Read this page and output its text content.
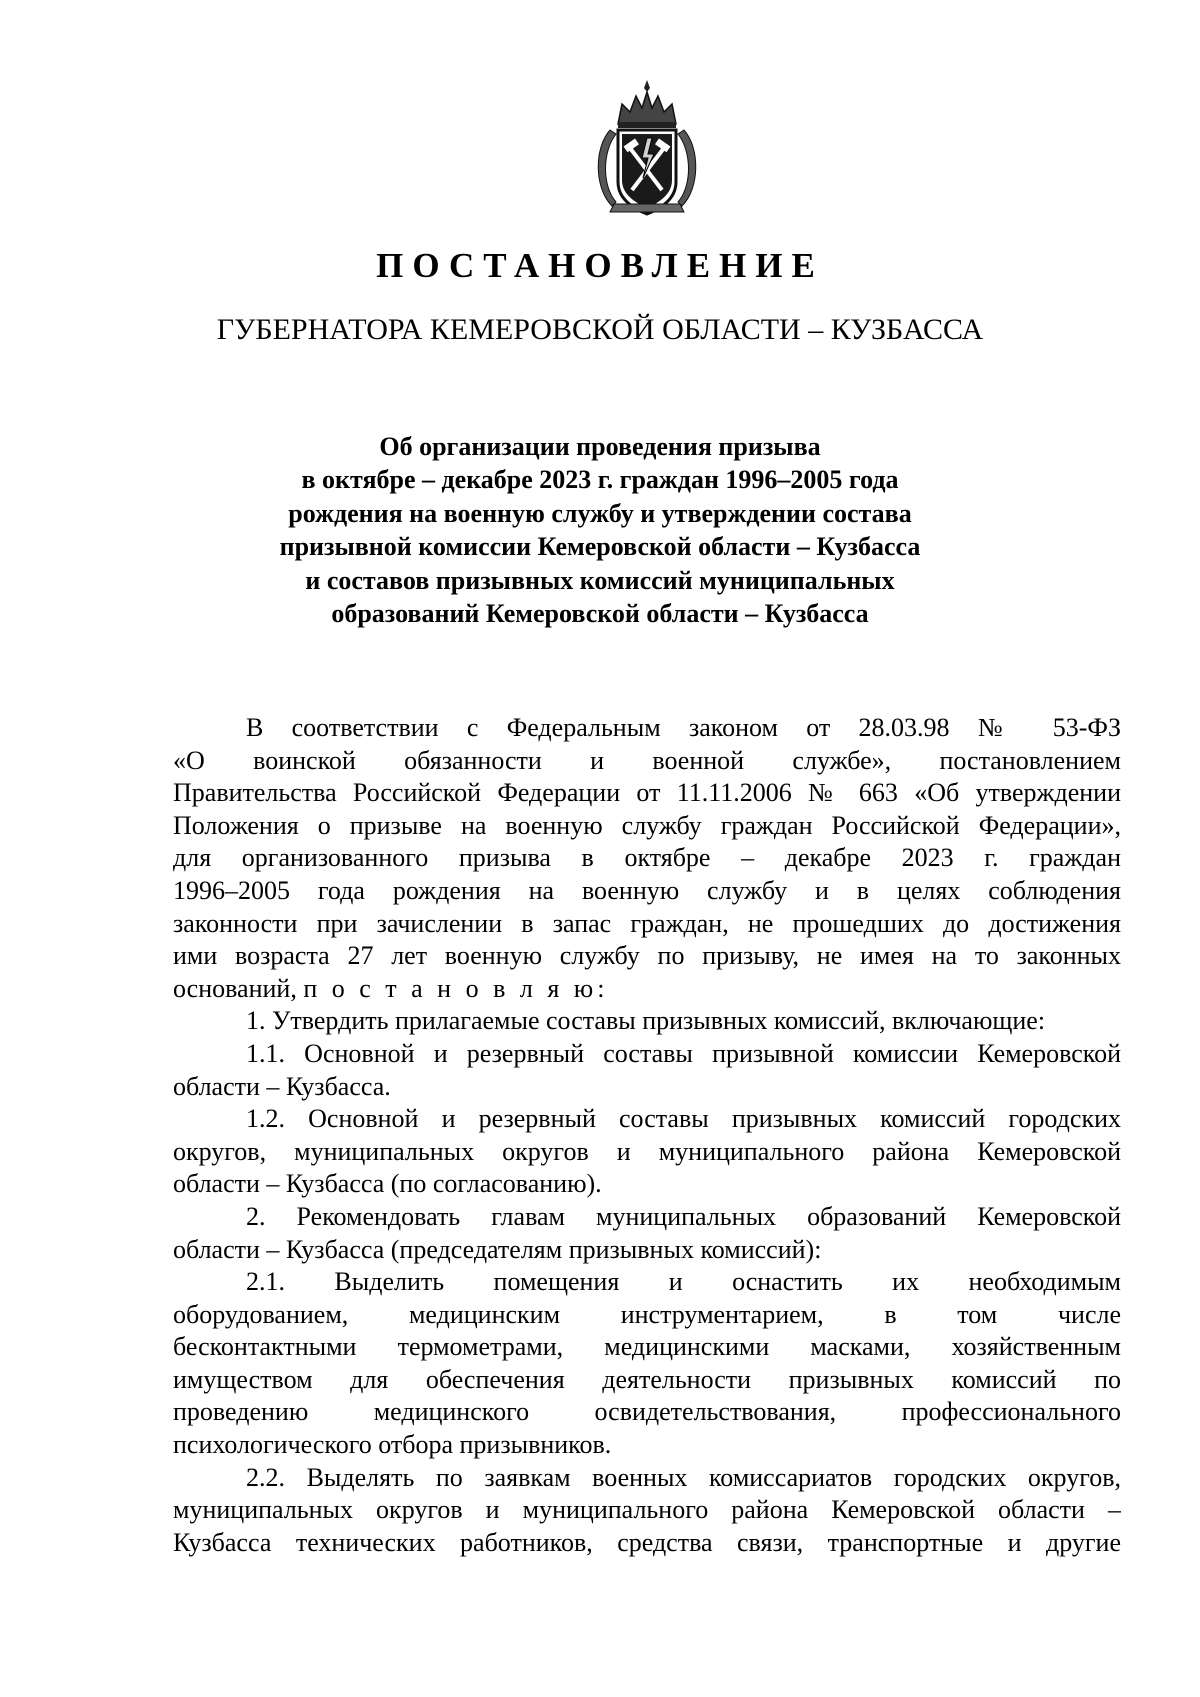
ПОСТАНОВЛЕНИЕ
ГУБЕРНАТОРА КЕМЕРОВСКОЙ ОБЛАСТИ – КУЗБАССА
Об организации проведения призыва
в октябре – декабре 2023 г. граждан 1996–2005 года
рождения на военную службу и утверждении состава
призывной комиссии Кемеровской области – Кузбасса
и составов призывных комиссий муниципальных
образований Кемеровской области – Кузбасса
В соответствии с Федеральным законом от 28.03.98 № 53-ФЗ
«О воинской обязанности и военной службе», постановлением
Правительства Российской Федерации от 11.11.2006 № 663 «Об утверждении
Положения о призыве на военную службу граждан Российской Федерации»,
для организованного призыва в октябре – декабре 2023 г. граждан
1996–2005 года рождения на военную службу и в целях соблюдения
законности при зачислении в запас граждан, не прошедших до достижения
ими возраста 27 лет военную службу по призыву, не имея на то законных
оснований, п о с т а н о в л я ю:
1. Утвердить прилагаемые составы призывных комиссий, включающие:
1.1. Основной и резервный составы призывной комиссии Кемеровской
области – Кузбасса.
1.2. Основной и резервный составы призывных комиссий городских
округов, муниципальных округов и муниципального района Кемеровской
области – Кузбасса (по согласованию).
2. Рекомендовать главам муниципальных образований Кемеровской
области – Кузбасса (председателям призывных комиссий):
2.1. Выделить помещения и оснастить их необходимым
оборудованием, медицинским инструментарием, в том числе
бесконтактными термометрами, медицинскими масками, хозяйственным
имуществом для обеспечения деятельности призывных комиссий по
проведению медицинского освидетельствования, профессионального
психологического отбора призывников.
2.2. Выделять по заявкам военных комиссариатов городских округов,
муниципальных округов и муниципального района Кемеровской области –
Кузбасса технических работников, средства связи, транспортные и другие
